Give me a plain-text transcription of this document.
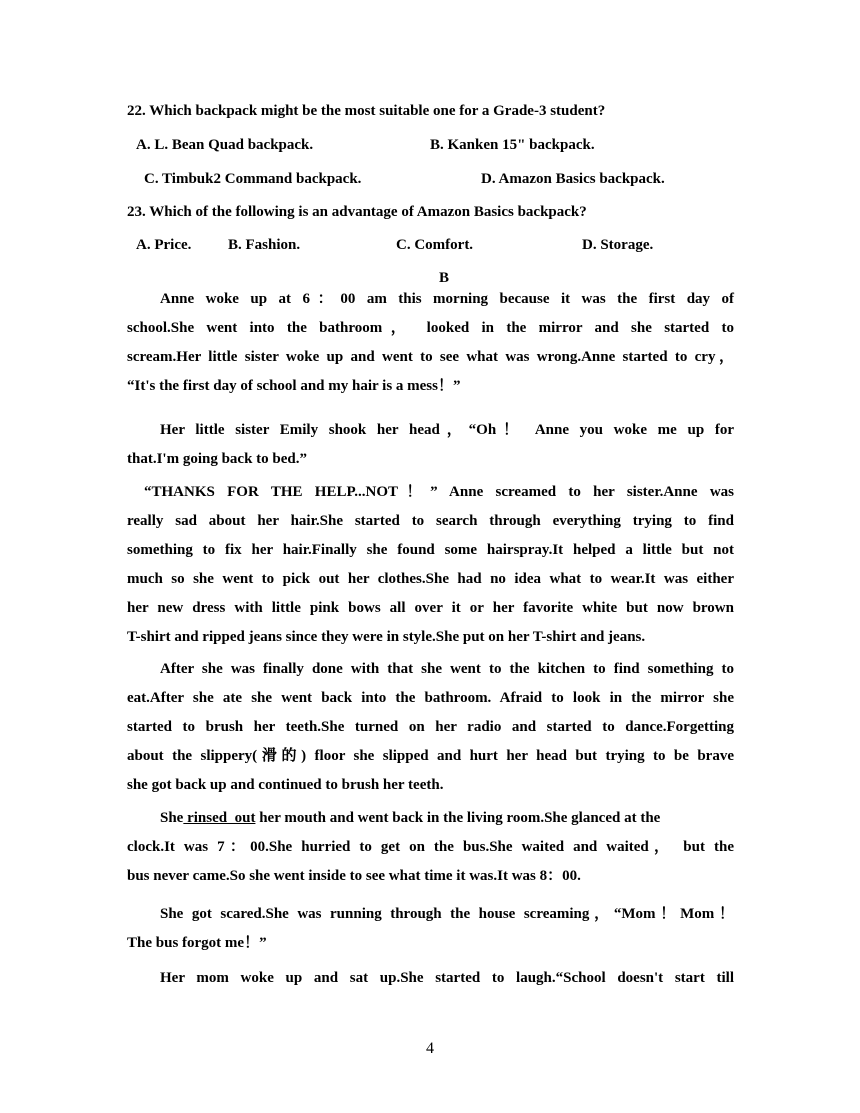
22. Which backpack might be the most suitable one for a Grade-3 student?
A. L. Bean Quad backpack.	B. Kanken 15" backpack.
C. Timbuk2 Command backpack.	D. Amazon Basics backpack.
23. Which of the following is an advantage of Amazon Basics backpack?
A. Price. B. Fashion.	C. Comfort.	D. Storage.
B
Anne woke up at 6：00 am this morning because it was the first day of
school.She went into the bathroom， looked in the mirror and she started to
scream.Her little sister woke up and went to see what was wrong.Anne started to cry，
“It's the first day of school and my hair is a mess！”
Her little sister Emily shook her head，“Oh！ Anne you woke me up for
that.I'm going back to bed.”
“THANKS FOR THE HELP...NOT！” Anne screamed to her sister.Anne was
really sad about her hair.She started to search through everything trying to find
something to fix her hair.Finally she found some hairspray.It helped a little but not
much so she went to pick out her clothes.She had no idea what to wear.It was either
her new dress with little pink bows all over it or her favorite white but now brown
T-shirt and ripped jeans since they were in style.She put on her T-shirt and jeans.
After she was finally done with that she went to the kitchen to find something to
eat.After she ate she went back into the bathroom. Afraid to look in the mirror she
started to brush her teeth.She turned on her radio and started to dance.Forgetting
about the slippery(滑的) floor she slipped and hurt her head but trying to be brave
she got back up and continued to brush her teeth.
She rinsed  out her mouth and went back in the living room.She glanced at the
clock.It was 7：00.She hurried to get on the bus.She waited and waited， but the
bus never came.So she went inside to see what time it was.It was 8：00.
She got scared.She was running through the house screaming，“Mom！Mom！
The bus forgot me！”
Her mom woke up and sat up.She started to laugh.“School doesn't start till
4
